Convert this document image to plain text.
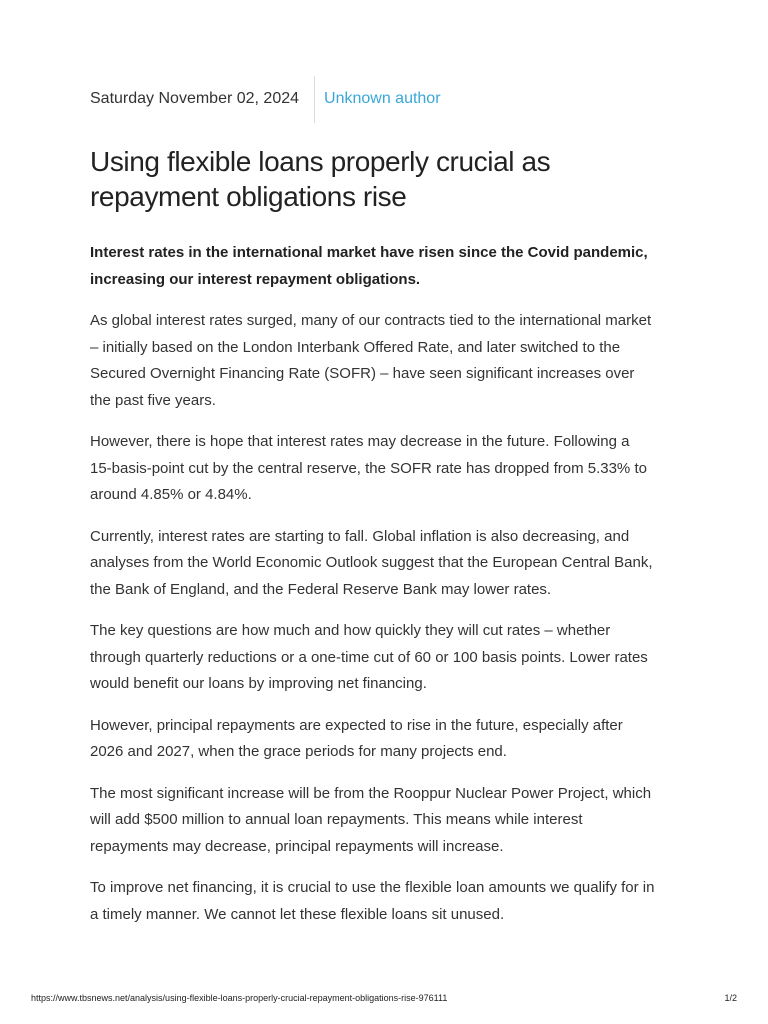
Saturday November 02, 2024	Unknown author
Using flexible loans properly crucial as repayment obligations rise

Interest rates in the international market have risen since the Covid pandemic, increasing our interest repayment obligations.

As global interest rates surged, many of our contracts tied to the international market – initially based on the London Interbank Offered Rate, and later switched to the Secured Overnight Financing Rate (SOFR) – have seen significant increases over the past five years.

However, there is hope that interest rates may decrease in the future. Following a 15-basis-point cut by the central reserve, the SOFR rate has dropped from 5.33% to around 4.85% or 4.84%.

Currently, interest rates are starting to fall. Global inflation is also decreasing, and analyses from the World Economic Outlook suggest that the European Central Bank, the Bank of England, and the Federal Reserve Bank may lower rates.

The key questions are how much and how quickly they will cut rates – whether through quarterly reductions or a one-time cut of 60 or 100 basis points. Lower rates would benefit our loans by improving net financing.

However, principal repayments are expected to rise in the future, especially after 2026 and 2027, when the grace periods for many projects end.

The most significant increase will be from the Rooppur Nuclear Power Project, which will add $500 million to annual loan repayments. This means while interest repayments may decrease, principal repayments will increase.

To improve net financing, it is crucial to use the flexible loan amounts we qualify for in a timely manner. We cannot let these flexible loans sit unused.

https://www.tbsnews.net/analysis/using-flexible-loans-properly-crucial-repayment-obligations-rise-976111	1/2
